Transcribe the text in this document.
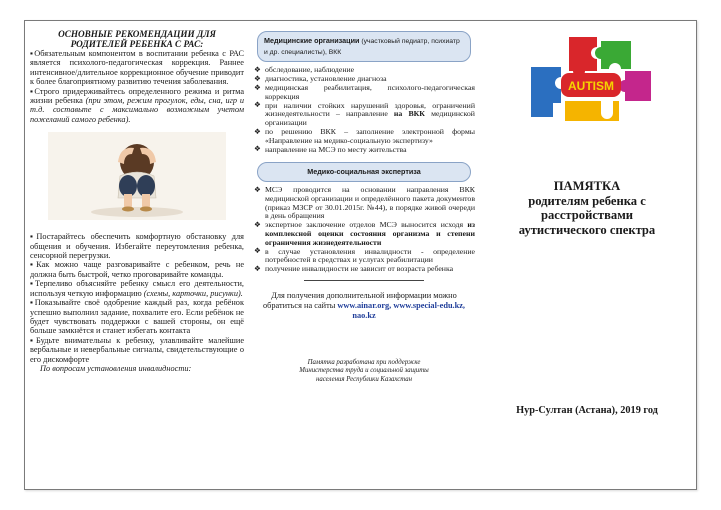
ОСНОВНЫЕ РЕКОМЕНДАЦИИ ДЛЯ РОДИТЕЛЕЙ РЕБЕНКА С РАС:

▪Обязательным компонентом в воспитании ребенка с РАС является психолого-педагогическая коррекция. Раннее интенсивное/длительное коррекционное обучение приводит к более благоприятному развитию течения заболевания.

▪Строго придерживайтесь определенного режима и ритма жизни ребенка (при этом, режим прогулок, еды, сна, игр и т.д. составьте с максимально возможным учетом пожеланий самого ребенка).

▪Постарайтесь обеспечить комфортную обстановку для общения и обучения. Избегайте переутомления ребенка, сенсорной перегрузки.

▪Как можно чаще разговаривайте с ребенком, речь не должна быть быстрой, четко проговаривайте команды.

▪Терпеливо объясняйте ребенку смысл его деятельности, используя четкую информацию (схемы, карточки, рисунки).

▪Показывайте своё одобрение каждый раз, когда ребёнок успешно выполнил задание, похвалите его. Если ребёнок не будет чувствовать поддержки с вашей стороны, он ещё больше замкнётся и станет избегать контакта

▪Будьте внимательны к ребенку, улавливайте малейшие вербальные и невербальные сигналы, свидетельствующие о его дискомфорте

По вопросам установления инвалидности:
Медицинские организации (участковый педиатр, психиатр и др. специалисты), ВКК
❖ обследование, наблюдение
❖ диагностика, установление диагноза
❖ медицинская реабилитация, психолого-педагогическая коррекция
❖ при наличии стойких нарушений здоровья, ограничений жизнедеятельности – направление на ВКК медицинской организации
❖ по решению ВКК – заполнение электронной формы «Направление на медико-социальную экспертизу»
❖ направление на МСЭ по месту жительства
Медико-социальная экспертиза
❖ МСЭ проводится на основании направления ВКК медицинской организации и определённого пакета документов (приказ МЗСР от 30.01.2015г. №44), в порядке живой очереди в день обращения
❖ экспертное заключение отделов МСЭ выносится исходя из комплексной оценки состояния организма и степени ограничения жизнедеятельности
❖ в случае установления инвалидности - определение потребностей в средствах и услугах реабилитации
❖ получение инвалидности не зависит от возраста ребенка

Для получения дополнительной информации можно обратиться на сайты www.ainar.org, www.special-edu.kz, nao.kz

Памятка разработана при поддержке
Министерства труда и социальной защиты
населения Республики Казахстан
AUTISM
ПАМЯТКА
родителям ребенка с
расстройствами
аутистического спектра
Нур-Султан (Астана), 2019 год
